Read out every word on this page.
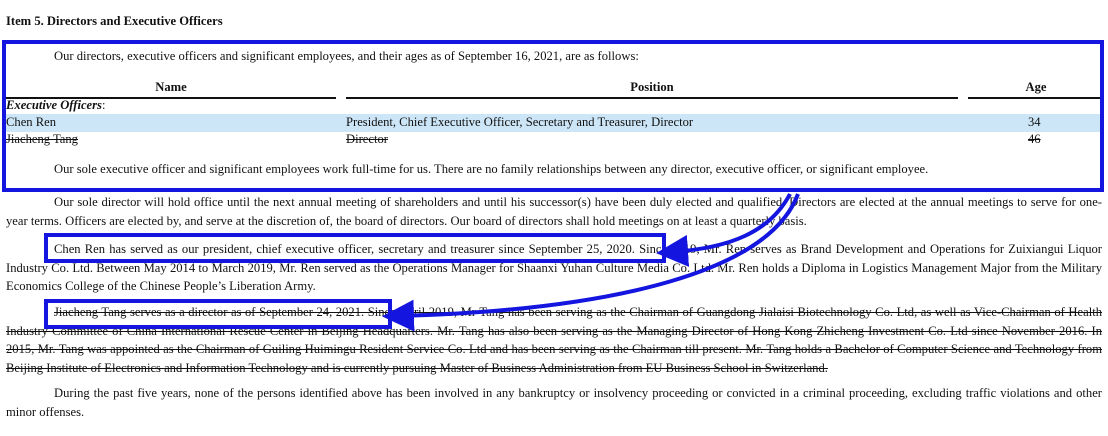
Item 5. Directors and Executive Officers
Our directors, executive officers and significant employees, and their ages as of September 16, 2021, are as follows:
Name	Position	Age
Executive Officers:
Chen Ren	President, Chief Executive Officer, Secretary and Treasurer, Director	34
Jiacheng Tang	Director	46
Our sole executive officer and significant employees work full-time for us. There are no family relationships between any director, executive officer, or significant employee.
Our sole director will hold office until the next annual meeting of shareholders and until his successor(s) have been duly elected and qualified. Directors are elected at the annual meetings to serve for one-year terms. Officers are elected by, and serve at the discretion of, the board of directors. Our board of directors shall hold meetings on at least a quarterly basis.
Chen Ren has served as our president, chief executive officer, secretary and treasurer since September 25, 2020. Since 2019, Mr. Ren serves as Brand Development and Operations for Zuixiangui Liquor Industry Co. Ltd. Between May 2014 to March 2019, Mr. Ren served as the Operations Manager for Shaanxi Yuhan Culture Media Co. Ltd. Mr. Ren holds a Diploma in Logistics Management Major from the Military Economics College of the Chinese People’s Liberation Army.
Jiacheng Tang serves as a director as of September 24, 2021. Since April 2019, Mr Tang has been serving as the Chairman of Guangdong Jialaisi Biotechnology Co. Ltd, as well as Vice-Chairman of Health Industry Committee of China International Rescue Center in Beijing Headquarters. Mr. Tang has also been serving as the Managing Director of Hong Kong Zhicheng Investment Co. Ltd since November 2016. In 2015, Mr. Tang was appointed as the Chairman of Guiling Huimingu Resident Service Co. Ltd and has been serving as the Chairman till present. Mr. Tang holds a Bachelor of Computer Science and Technology from Beijing Institute of Electronics and Information Technology and is currently pursuing Master of Business Administration from EU Business School in Switzerland.
During the past five years, none of the persons identified above has been involved in any bankruptcy or insolvency proceeding or convicted in a criminal proceeding, excluding traffic violations and other minor offenses.
